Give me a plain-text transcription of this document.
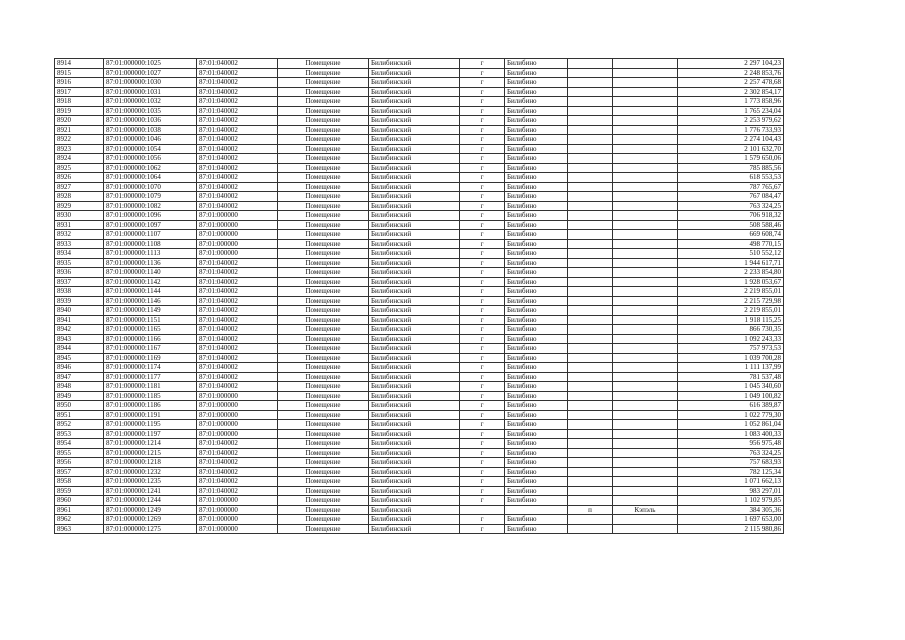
8914	87:01:000000:1025	87:01:040002	Помещение	Билибинский	г	Билибино			2 297 104,23
8915	87:01:000000:1027	87:01:040002	Помещение	Билибинский	г	Билибино			2 248 853,76
8916	87:01:000000:1030	87:01:040002	Помещение	Билибинский	г	Билибино			2 257 478,68
8917	87:01:000000:1031	87:01:040002	Помещение	Билибинский	г	Билибино			2 302 854,17
8918	87:01:000000:1032	87:01:040002	Помещение	Билибинский	г	Билибино			1 773 858,96
8919	87:01:000000:1035	87:01:040002	Помещение	Билибинский	г	Билибино			1 765 234,04
8920	87:01:000000:1036	87:01:040002	Помещение	Билибинский	г	Билибино			2 253 979,62
8921	87:01:000000:1038	87:01:040002	Помещение	Билибинский	г	Билибино			1 776 733,93
8922	87:01:000000:1046	87:01:040002	Помещение	Билибинский	г	Билибино			2 274 104,43
8923	87:01:000000:1054	87:01:040002	Помещение	Билибинский	г	Билибино			2 101 632,70
8924	87:01:000000:1056	87:01:040002	Помещение	Билибинский	г	Билибино			1 579 650,06
8925	87:01:000000:1062	87:01:040002	Помещение	Билибинский	г	Билибино			785 885,56
8926	87:01:000000:1064	87:01:040002	Помещение	Билибинский	г	Билибино			618 553,53
8927	87:01:000000:1070	87:01:040002	Помещение	Билибинский	г	Билибино			787 765,67
8928	87:01:000000:1079	87:01:040002	Помещение	Билибинский	г	Билибино			767 084,47
8929	87:01:000000:1082	87:01:040002	Помещение	Билибинский	г	Билибино			763 324,25
8930	87:01:000000:1096	87:01:000000	Помещение	Билибинский	г	Билибино			706 918,32
8931	87:01:000000:1097	87:01:000000	Помещение	Билибинский	г	Билибино			508 588,46
8932	87:01:000000:1107	87:01:000000	Помещение	Билибинский	г	Билибино			669 608,74
8933	87:01:000000:1108	87:01:000000	Помещение	Билибинский	г	Билибино			498 770,15
8934	87:01:000000:1113	87:01:000000	Помещение	Билибинский	г	Билибино			510 552,12
8935	87:01:000000:1136	87:01:040002	Помещение	Билибинский	г	Билибино			1 944 617,71
8936	87:01:000000:1140	87:01:040002	Помещение	Билибинский	г	Билибино			2 233 854,80
8937	87:01:000000:1142	87:01:040002	Помещение	Билибинский	г	Билибино			1 928 053,67
8938	87:01:000000:1144	87:01:040002	Помещение	Билибинский	г	Билибино			2 219 855,01
8939	87:01:000000:1146	87:01:040002	Помещение	Билибинский	г	Билибино			2 215 729,98
8940	87:01:000000:1149	87:01:040002	Помещение	Билибинский	г	Билибино			2 219 855,01
8941	87:01:000000:1151	87:01:040002	Помещение	Билибинский	г	Билибино			1 918 115,25
8942	87:01:000000:1165	87:01:040002	Помещение	Билибинский	г	Билибино			866 730,35
8943	87:01:000000:1166	87:01:040002	Помещение	Билибинский	г	Билибино			1 092 243,33
8944	87:01:000000:1167	87:01:040002	Помещение	Билибинский	г	Билибино			757 973,53
8945	87:01:000000:1169	87:01:040002	Помещение	Билибинский	г	Билибино			1 039 700,28
8946	87:01:000000:1174	87:01:040002	Помещение	Билибинский	г	Билибино			1 111 137,99
8947	87:01:000000:1177	87:01:040002	Помещение	Билибинский	г	Билибино			781 537,48
8948	87:01:000000:1181	87:01:040002	Помещение	Билибинский	г	Билибино			1 045 340,60
8949	87:01:000000:1185	87:01:000000	Помещение	Билибинский	г	Билибино			1 049 100,82
8950	87:01:000000:1186	87:01:000000	Помещение	Билибинский	г	Билибино			616 389,87
8951	87:01:000000:1191	87:01:000000	Помещение	Билибинский	г	Билибино			1 022 779,30
8952	87:01:000000:1195	87:01:000000	Помещение	Билибинский	г	Билибино			1 052 861,04
8953	87:01:000000:1197	87:01:000000	Помещение	Билибинский	г	Билибино			1 083 400,33
8954	87:01:000000:1214	87:01:040002	Помещение	Билибинский	г	Билибино			956 975,48
8955	87:01:000000:1215	87:01:040002	Помещение	Билибинский	г	Билибино			763 324,25
8956	87:01:000000:1218	87:01:040002	Помещение	Билибинский	г	Билибино			757 683,93
8957	87:01:000000:1232	87:01:040002	Помещение	Билибинский	г	Билибино			782 125,34
8958	87:01:000000:1235	87:01:040002	Помещение	Билибинский	г	Билибино			1 071 662,13
8959	87:01:000000:1241	87:01:040002	Помещение	Билибинский	г	Билибино			983 297,01
8960	87:01:000000:1244	87:01:000000	Помещение	Билибинский	г	Билибино			1 102 979,85
8961	87:01:000000:1249	87:01:000000	Помещение	Билибинский			п	Кэпэль	384 305,36
8962	87:01:000000:1269	87:01:000000	Помещение	Билибинский	г	Билибино			1 697 653,00
8963	87:01:000000:1275	87:01:000000	Помещение	Билибинский	г	Билибино			2 115 980,86
